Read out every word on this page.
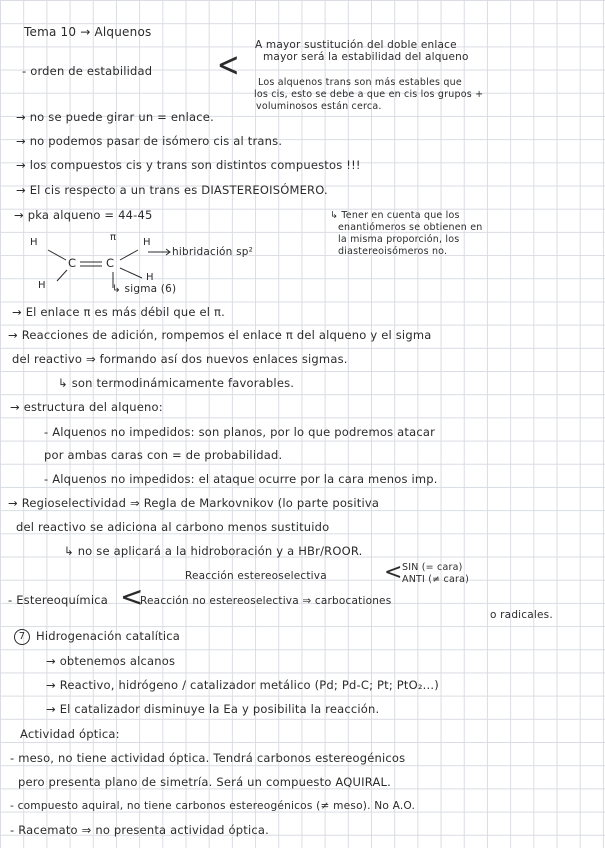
Tema 10 → Alquenos
- orden de estabilidad < A mayor sustitución del doble enlace
mayor será la estabilidad del alqueno
Los alquenos trans son más estables que
los cis, esto se debe a que en cis los grupos +
voluminosos están cerca.
→ no se puede girar un = enlace.
→ no podemos pasar de isómero cis al trans.
→ los compuestos cis y trans son distintos compuestos !!!
→ El cis respecto a un trans es DIASTEREOISÓMERO.
→ pka alqueno = 44-45	↳ Tener en cuenta que los
enantiómeros se obtienen en
la misma proporción, los
diastereoisómeros no.
H
H
C	C
π	H
H
hibridación sp²
↳ sigma (6)
→ El enlace π es más débil que el π.
→ Reacciones de adición, rompemos el enlace π del alqueno y el sigma
del reactivo ⇒ formando así dos nuevos enlaces sigmas.
↳ son termodinámicamente favorables.
→ estructura del alqueno:
- Alquenos no impedidos: son planos, por lo que podremos atacar
por ambas caras con = de probabilidad.
- Alquenos no impedidos: el ataque ocurre por la cara menos imp.
→ Regioselectividad ⇒ Regla de Markovnikov (lo parte positiva
del reactivo se adiciona al carbono menos sustituido
↳ no se aplicará a la hidroboración y a HBr/ROOR.
Reacción estereoselectiva	< SIN (= cara)
ANTI (≠ cara)
- Estereoquímica <
Reacción no estereoselectiva ⇒ carbocationes
o radicales.
7 Hidrogenación catalítica
→ obtenemos alcanos
→ Reactivo, hidrógeno / catalizador metálico (Pd; Pd-C; Pt; PtO₂...)
→ El catalizador disminuye la Ea y posibilita la reacción.
Actividad óptica:
- meso, no tiene actividad óptica. Tendrá carbonos estereogénicos
pero presenta plano de simetría. Será un compuesto AQUIRAL.
- compuesto aquiral, no tiene carbonos estereogénicos (≠ meso). No A.O.
- Racemato ⇒ no presenta actividad óptica.
